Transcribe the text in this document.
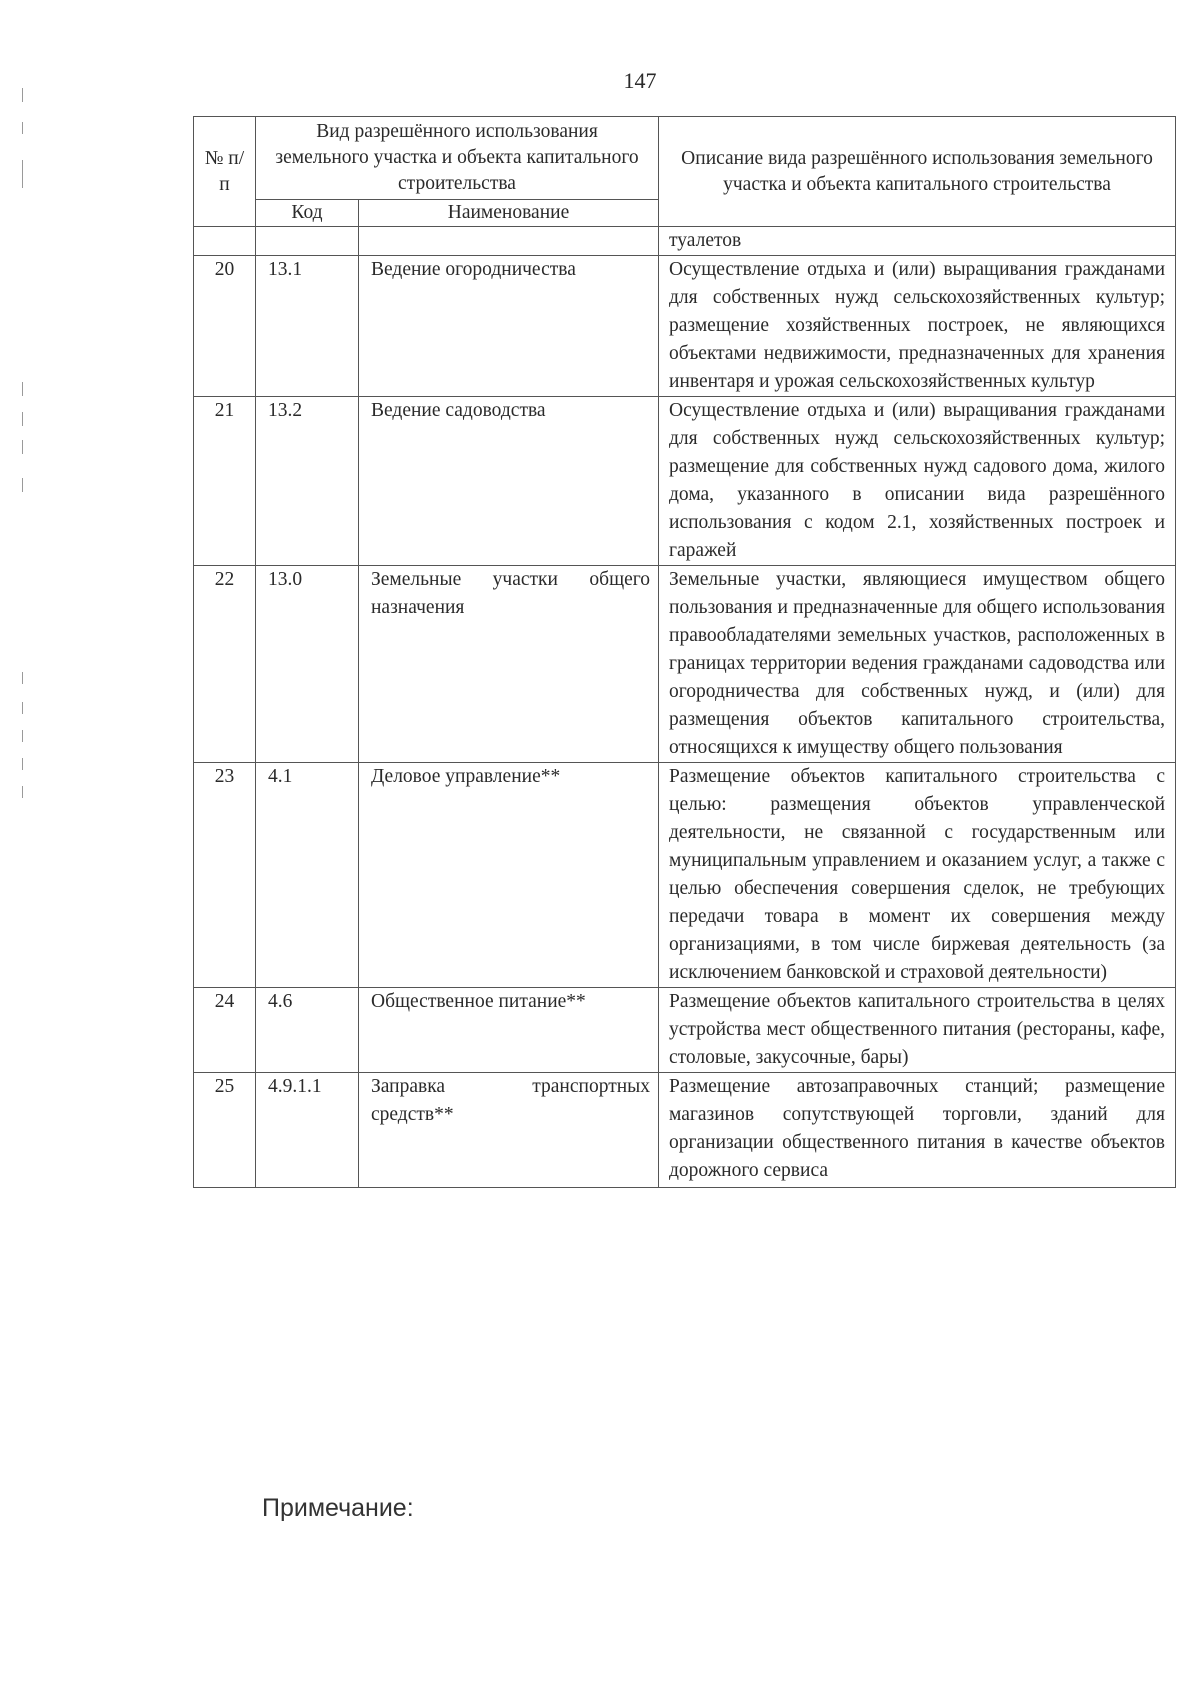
147
№ п/п	Вид разрешённого использования земельного участка и объекта капитального строительства		Описание вида разрешённого использования земельного участка и объекта капитального строительства
	Код	Наименование	
			туалетов
20	13.1	Ведение огородничества	Осуществление отдыха и (или) выращивания гражданами для собственных нужд сельскохозяйственных культур; размещение хозяйственных построек, не являющихся объектами недвижимости, предназначенных для хранения инвентаря и урожая сельскохозяйственных культур
21	13.2	Ведение садоводства	Осуществление отдыха и (или) выращивания гражданами для собственных нужд сельскохозяйственных культур; размещение для собственных нужд садового дома, жилого дома, указанного в описании вида разрешённого использования с кодом 2.1, хозяйственных построек и гаражей
22	13.0	Земельные участки общего назначения	Земельные участки, являющиеся имуществом общего пользования и предназначенные для общего использования правообладателями земельных участков, расположенных в границах территории ведения гражданами садоводства или огородничества для собственных нужд, и (или) для размещения объектов капитального строительства, относящихся к имуществу общего пользования
23	4.1	Деловое управление**	Размещение объектов капитального строительства с целью: размещения объектов управленческой деятельности, не связанной с государственным или муниципальным управлением и оказанием услуг, а также с целью обеспечения совершения сделок, не требующих передачи товара в момент их совершения между организациями, в том числе биржевая деятельность (за исключением банковской и страховой деятельности)
24	4.6	Общественное питание**	Размещение объектов капитального строительства в целях устройства мест общественного питания (рестораны, кафе, столовые, закусочные, бары)
25	4.9.1.1	Заправка транспортных средств**	Размещение автозаправочных станций; размещение магазинов сопутствующей торговли, зданий для организации общественного питания в качестве объектов дорожного сервиса
Примечание:
